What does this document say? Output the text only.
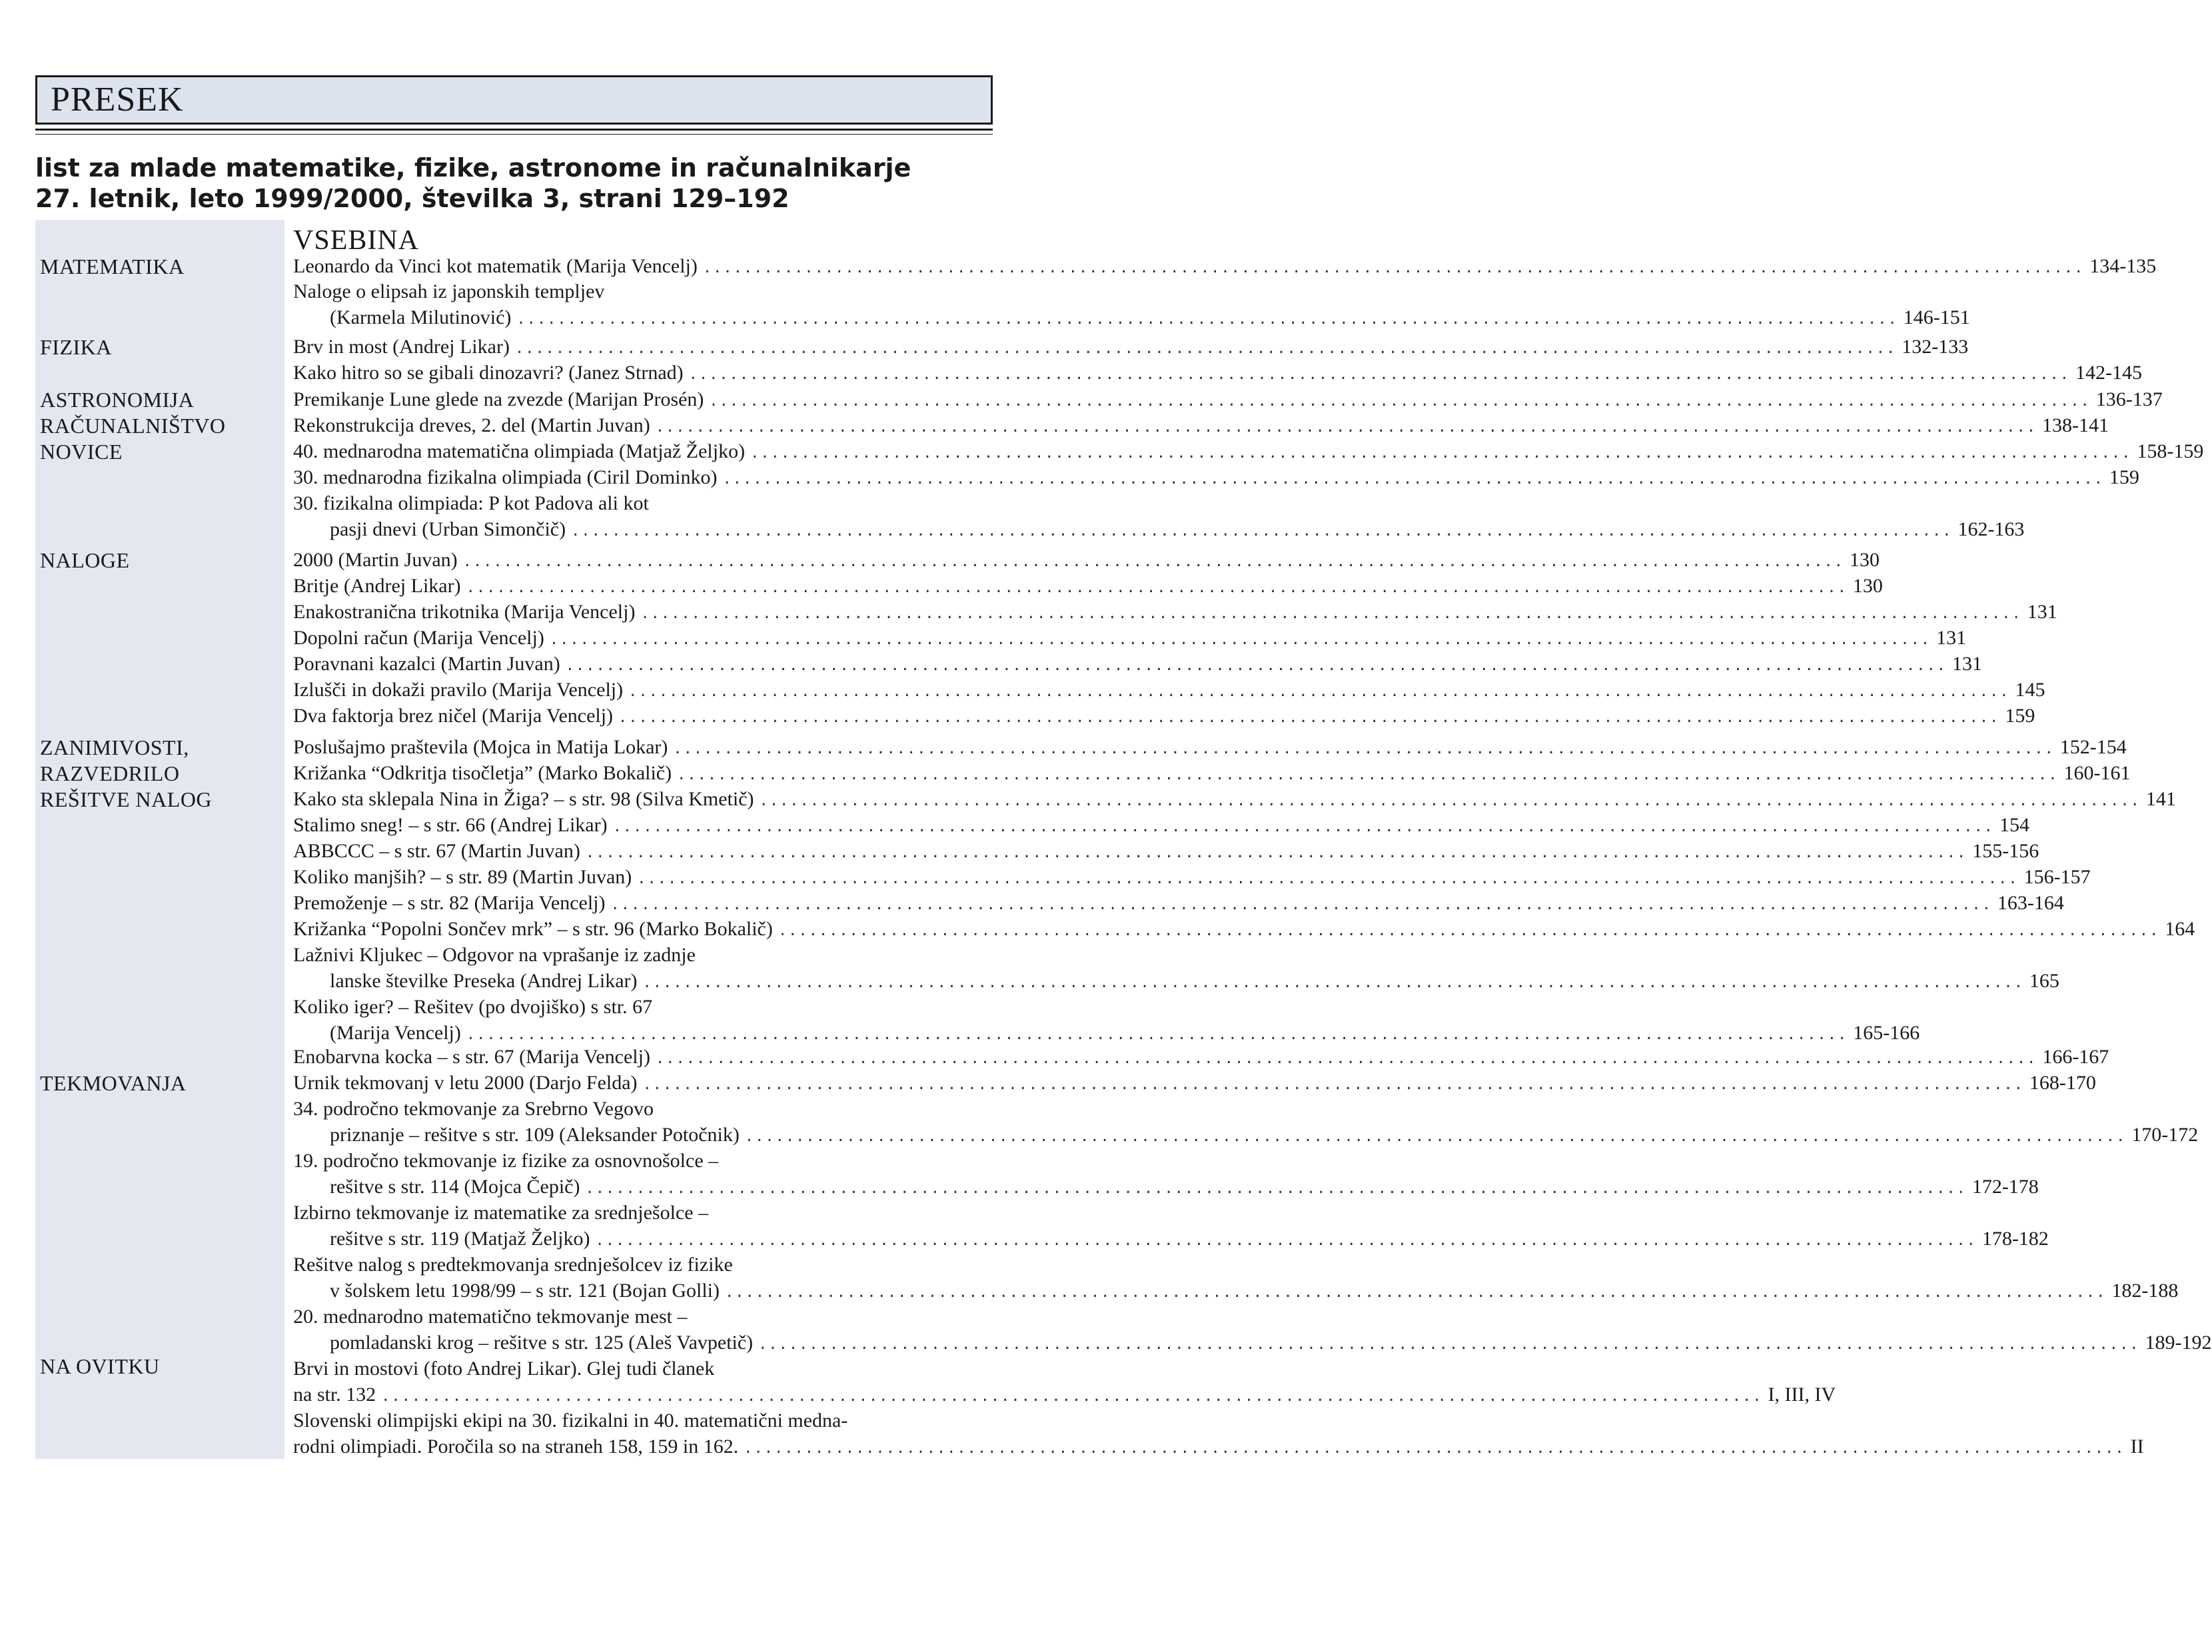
PRESEK
list za mlade matematike, fizike, astronome in računalnikarje
27. letnik, leto 1999/2000, številka 3, strani 129–192
VSEBINA
MATEMATIKA
FIZIKA
ASTRONOMIJA
RAČUNALNIŠTVO
NOVICE
NALOGE
ZANIMIVOSTI,
RAZVEDRILO
REŠITVE NALOG
TEKMOVANJA
NA OVITKU
Leonardo da Vinci kot matematik (Marija Vencelj) ........................................................................................................................................ 134-135
Naloge o elipsah iz japonskih templjev
(Karmela Milutinović) ........................................................................................................................................ 146-151
Brv in most (Andrej Likar) ........................................................................................................................................ 132-133
Kako hitro so se gibali dinozavri? (Janez Strnad) ........................................................................................................................................ 142-145
Premikanje Lune glede na zvezde (Marijan Prosén) ........................................................................................................................................ 136-137
Rekonstrukcija dreves, 2. del (Martin Juvan) ........................................................................................................................................ 138-141
40. mednarodna matematična olimpiada (Matjaž Željko) ........................................................................................................................................ 158-159
30. mednarodna fizikalna olimpiada (Ciril Dominko) ........................................................................................................................................ 159
30. fizikalna olimpiada: P kot Padova ali kot
pasji dnevi (Urban Simončič) ........................................................................................................................................ 162-163
2000 (Martin Juvan) ........................................................................................................................................ 130
Britje (Andrej Likar) ........................................................................................................................................ 130
Enakostranična trikotnika (Marija Vencelj) ........................................................................................................................................ 131
Dopolni račun (Marija Vencelj) ........................................................................................................................................ 131
Poravnani kazalci (Martin Juvan) ........................................................................................................................................ 131
Izlušči in dokaži pravilo (Marija Vencelj) ........................................................................................................................................ 145
Dva faktorja brez ničel (Marija Vencelj) ........................................................................................................................................ 159
Poslušajmo praštevila (Mojca in Matija Lokar) ........................................................................................................................................ 152-154
Križanka “Odkritja tisočletja” (Marko Bokalič) ........................................................................................................................................ 160-161
Kako sta sklepala Nina in Žiga? – s str. 98 (Silva Kmetič) ........................................................................................................................................ 141
Stalimo sneg! – s str. 66 (Andrej Likar) ........................................................................................................................................ 154
ABBCCC – s str. 67 (Martin Juvan) ........................................................................................................................................ 155-156
Koliko manjših? – s str. 89 (Martin Juvan) ........................................................................................................................................ 156-157
Premoženje – s str. 82 (Marija Vencelj) ........................................................................................................................................ 163-164
Križanka “Popolni Sončev mrk” – s str. 96 (Marko Bokalič) ........................................................................................................................................ 164
Lažnivi Kljukec – Odgovor na vprašanje iz zadnje
lanske številke Preseka (Andrej Likar) ........................................................................................................................................ 165
Koliko iger? – Rešitev (po dvojiško) s str. 67
(Marija Vencelj) ........................................................................................................................................ 165-166
Enobarvna kocka – s str. 67 (Marija Vencelj) ........................................................................................................................................ 166-167
Urnik tekmovanj v letu 2000 (Darjo Felda) ........................................................................................................................................ 168-170
34. področno tekmovanje za Srebrno Vegovo
priznanje – rešitve s str. 109 (Aleksander Potočnik) ........................................................................................................................................ 170-172
19. področno tekmovanje iz fizike za osnovnošolce –
rešitve s str. 114 (Mojca Čepič) ........................................................................................................................................ 172-178
Izbirno tekmovanje iz matematike za srednješolce –
rešitve s str. 119 (Matjaž Željko) ........................................................................................................................................ 178-182
Rešitve nalog s predtekmovanja srednješolcev iz fizike
v šolskem letu 1998/99 – s str. 121 (Bojan Golli) ........................................................................................................................................ 182-188
20. mednarodno matematično tekmovanje mest –
pomladanski krog – rešitve s str. 125 (Aleš Vavpetič) ........................................................................................................................................ 189-192
Brvi in mostovi (foto Andrej Likar). Glej tudi članek
na str. 132 ........................................................................................................................................ I, III, IV
Slovenski olimpijski ekipi na 30. fizikalni in 40. matematični medna-
rodni olimpiadi. Poročila so na straneh 158, 159 in 162. ........................................................................................................................................ II
